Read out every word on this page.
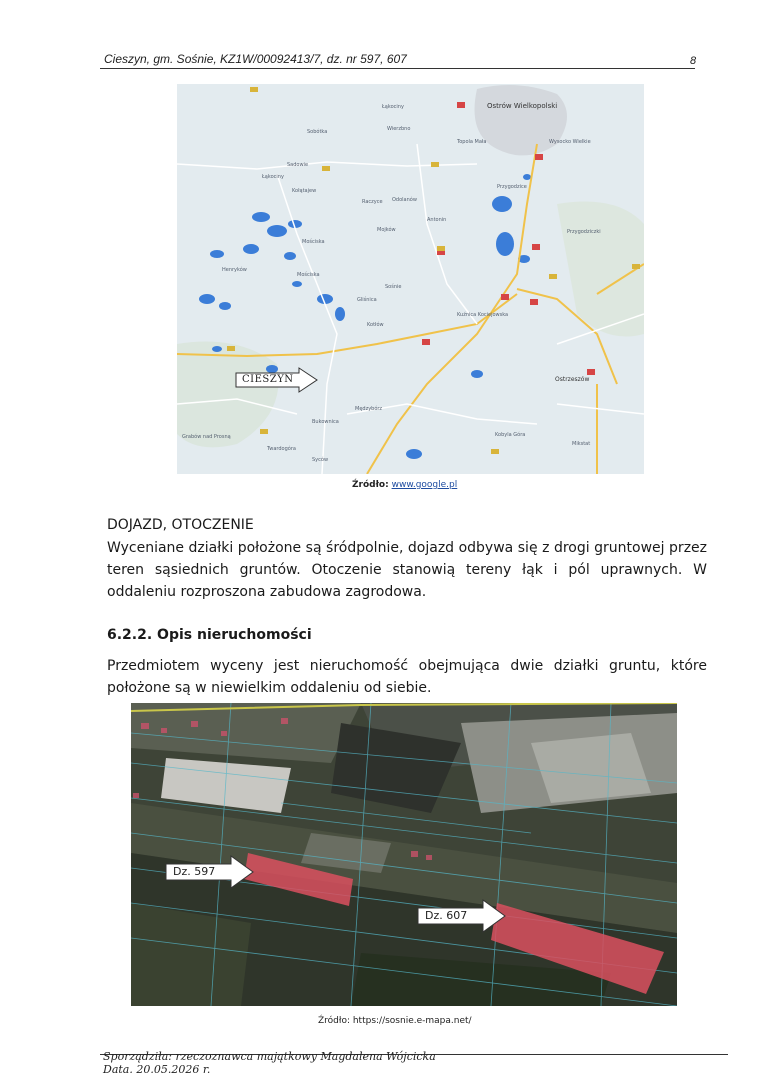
Cieszyn, gm. Sośnie, KZ1W/00092413/7, dz. nr 597, 607	8
Ostrów Wielkopolski
Łąkociny
Wierzbno
Sobótka
Topola Mała	Wysocko Wielkie
Sadowie
Kołątajew
Łąkociny
Przygodzice
Odolanów
Raczyce
Antonin
Przygodziczki
Mościska
Mojków
Henryków
Mościska
Sośnie
Gliśnica
Kuźnica Kociejowska
Kotłów
Bukownica
Mędzybórz
Ostrzeszów
Kobyla Góra
Mikstat
Grabów nad Prosną
Twardogóra
Syców
CIESZYN
Źródło: www.google.pl
DOJAZD, OTOCZENIE
Wyceniane działki położone są śródpolnie, dojazd odbywa się z drogi gruntowej przez
teren sąsiednich gruntów. Otoczenie stanowią tereny łąk i pól uprawnych. W
oddaleniu rozproszona zabudowa zagrodowa.
6.2.2. Opis nieruchomości
Przedmiotem wyceny jest nieruchomość obejmująca dwie działki gruntu, które
położone są w niewielkim oddaleniu od siebie.
Dz. 597
Dz. 607
Źródło: https://sosnie.e-mapa.net/
Sporządziła: rzeczoznawca majątkowy Magdalena Wójcicka
Data. 20.05.2026 r.
